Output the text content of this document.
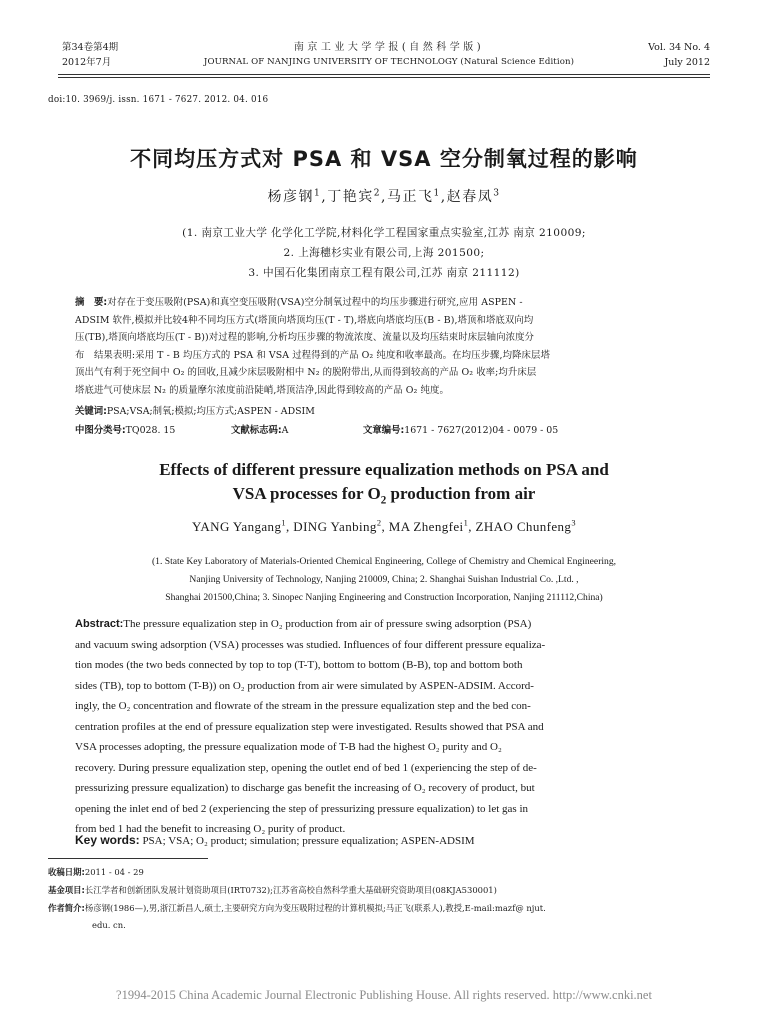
第34卷第4期
2012年7月
南京工业大学学报(自然科学版)
JOURNAL OF NANJING UNIVERSITY OF TECHNOLOGY (Natural Science Edition)
Vol. 34 No. 4
July 2012
doi:10. 3969/j. issn. 1671 - 7627. 2012. 04. 016
不同均压方式对 PSA 和 VSA 空分制氧过程的影响
杨彦钢$^1$,丁艳宾$^2$,马正飞$^1$,赵春凤$^3$
(1. 南京工业大学 化学化工学院,材料化学工程国家重点实验室,江苏 南京 210009;
2. 上海穗杉实业有限公司,上海 201500;
3. 中国石化集团南京工程有限公司,江苏 南京 211112)
摘　要:对存在于变压吸附(PSA)和真空变压吸附(VSA)空分制氧过程中的均压步骤进行研究,应用 ASPEN -
ADSIM 软件,模拟并比较4种不同均压方式(塔顶向塔顶均压(T - T),塔底向塔底均压(B - B),塔顶和塔底双向均
压(TB),塔顶向塔底均压(T - B))对过程的影响,分析均压步骤的物流浓度、流量以及均压结束时床层轴向浓度分
布　结果表明:采用 T - B 均压方式的 PSA 和 VSA 过程得到的产品 O₂ 纯度和收率最高。在均压步骤,均降床层塔
顶出气有利于死空间中 O₂ 的回收,且减少床层吸附相中 N₂ 的脱附带出,从而得到较高的产品 O₂ 收率;均升床层
塔底进气可使床层 N₂ 的质量摩尔浓度前沿陡峭,塔顶洁净,因此得到较高的产品 O₂ 纯度。
关键词:PSA;VSA;制氧;模拟;均压方式;ASPEN - ADSIM
中图分类号:TQ028. 15	文献标志码:A	文章编号:1671 - 7627(2012)04 - 0079 - 05
Effects of different pressure equalization methods on PSA and
VSA processes for $O_2$ production from air
YANG Yangang$^1$, DING Yanbing$^2$, MA Zhengfei$^1$, ZHAO Chunfeng$^3$
(1. State Key Laboratory of Materials-Oriented Chemical Engineering, College of Chemistry and Chemical Engineering,
Nanjing University of Technology, Nanjing 210009, China; 2. Shanghai Suishan Industrial Co. ,Ltd. ,
Shanghai 201500,China; 3. Sinopec Nanjing Engineering and Construction Incorporation, Nanjing 211112,China)
Abstract:The pressure equalization step in O₂ production from air of pressure swing adsorption (PSA)
and vacuum swing adsorption (VSA) processes was studied. Influences of four different pressure equaliza-
tion modes (the two beds connected by top to top (T-T), bottom to bottom (B-B), top and bottom both
sides (TB), top to bottom (T-B)) on O₂ production from air were simulated by ASPEN-ADSIM. Accord-
ingly, the O₂ concentration and flowrate of the stream in the pressure equalization step and the bed con-
centration profiles at the end of pressure equalization step were investigated. Results showed that PSA and
VSA processes adopting, the pressure equalization mode of T-B had the highest O₂ purity and O₂
recovery. During pressure equalization step, opening the outlet end of bed 1 (experiencing the step of de-
pressurizing pressure equalization) to discharge gas benefit the increasing of O₂ recovery of product, but
opening the inlet end of bed 2 (experiencing the step of pressurizing pressure equalization) to let gas in
from bed 1 had the benefit to increasing O₂ purity of product.
Key words: PSA; VSA; O₂ product; simulation; pressure equalization; ASPEN-ADSIM
收稿日期:2011 - 04 - 29
基金项目:长江学者和创新团队发展计划资助项目(IRT0732);江苏省高校自然科学重大基础研究资助项目(08KJA530001)
作者简介:杨彦钢(1986—),男,浙江新昌人,硕士,主要研究方向为变压吸附过程的计算机模拟;马正飞(联系人),教授,E-mail:mazf@ njut.
edu. cn.
?1994-2015 China Academic Journal Electronic Publishing House. All rights reserved. http://www.cnki.net
